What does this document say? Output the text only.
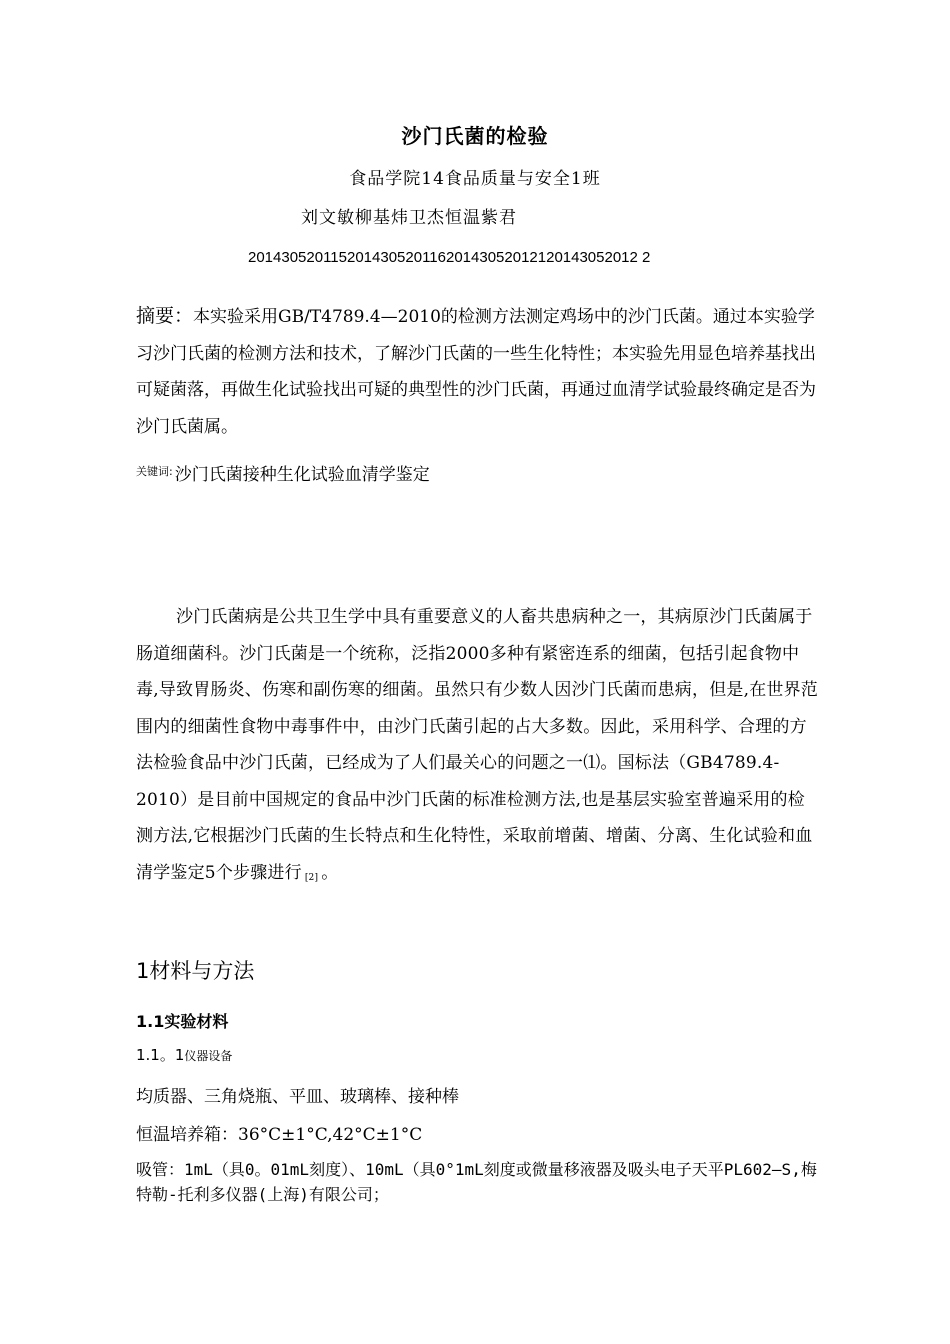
沙门氏菌的检验
食品学院14食品质量与安全1班
刘文敏柳基炜卫杰恒温紫君
20143052011520143052011620143052012120143052012 2
摘要：本实验采用GB/T4789.4—2010的检测方法测定鸡场中的沙门氏菌。通过本实验学习沙门氏菌的检测方法和技术，了解沙门氏菌的一些生化特性；本实验先用显色培养基找出可疑菌落，再做生化试验找出可疑的典型性的沙门氏菌，再通过血清学试验最终确定是否为沙门氏菌属。
$^{关键词:}$ 沙门氏菌接种生化试验血清学鉴定
沙门氏菌病是公共卫生学中具有重要意义的人畜共患病种之一，其病原沙门氏菌属于肠道细菌科。沙门氏菌是一个统称，泛指2000多种有紧密连系的细菌，包括引起食物中毒,导致胃肠炎、伤寒和副伤寒的细菌。虽然只有少数人因沙门氏菌而患病，但是,在世界范围内的细菌性食物中毒事件中，由沙门氏菌引起的占大多数。因此，采用科学、合理的方法检验食品中沙门氏菌，已经成为了人们最关心的问题之一⑴。国标法（GB4789.4-2010）是目前中国规定的食品中沙门氏菌的标准检测方法,也是基层实验室普遍采用的检测方法,它根据沙门氏菌的生长特点和生化特性，采取前增菌、增菌、分离、生化试验和血清学鉴定5个步骤进行 [2] 。
1材料与方法
1.1实验材料
1.1。1仪器设备
均质器、三角烧瓶、平皿、玻璃棒、接种棒
恒温培养箱：36°C±1°C,42°C±1°C
吸管：1mL（具0。01mL刻度）、10mL（具0°1mL刻度或微量移液器及吸头电子天平PL602—S,梅特勒-托利多仪器(上海)有限公司；
